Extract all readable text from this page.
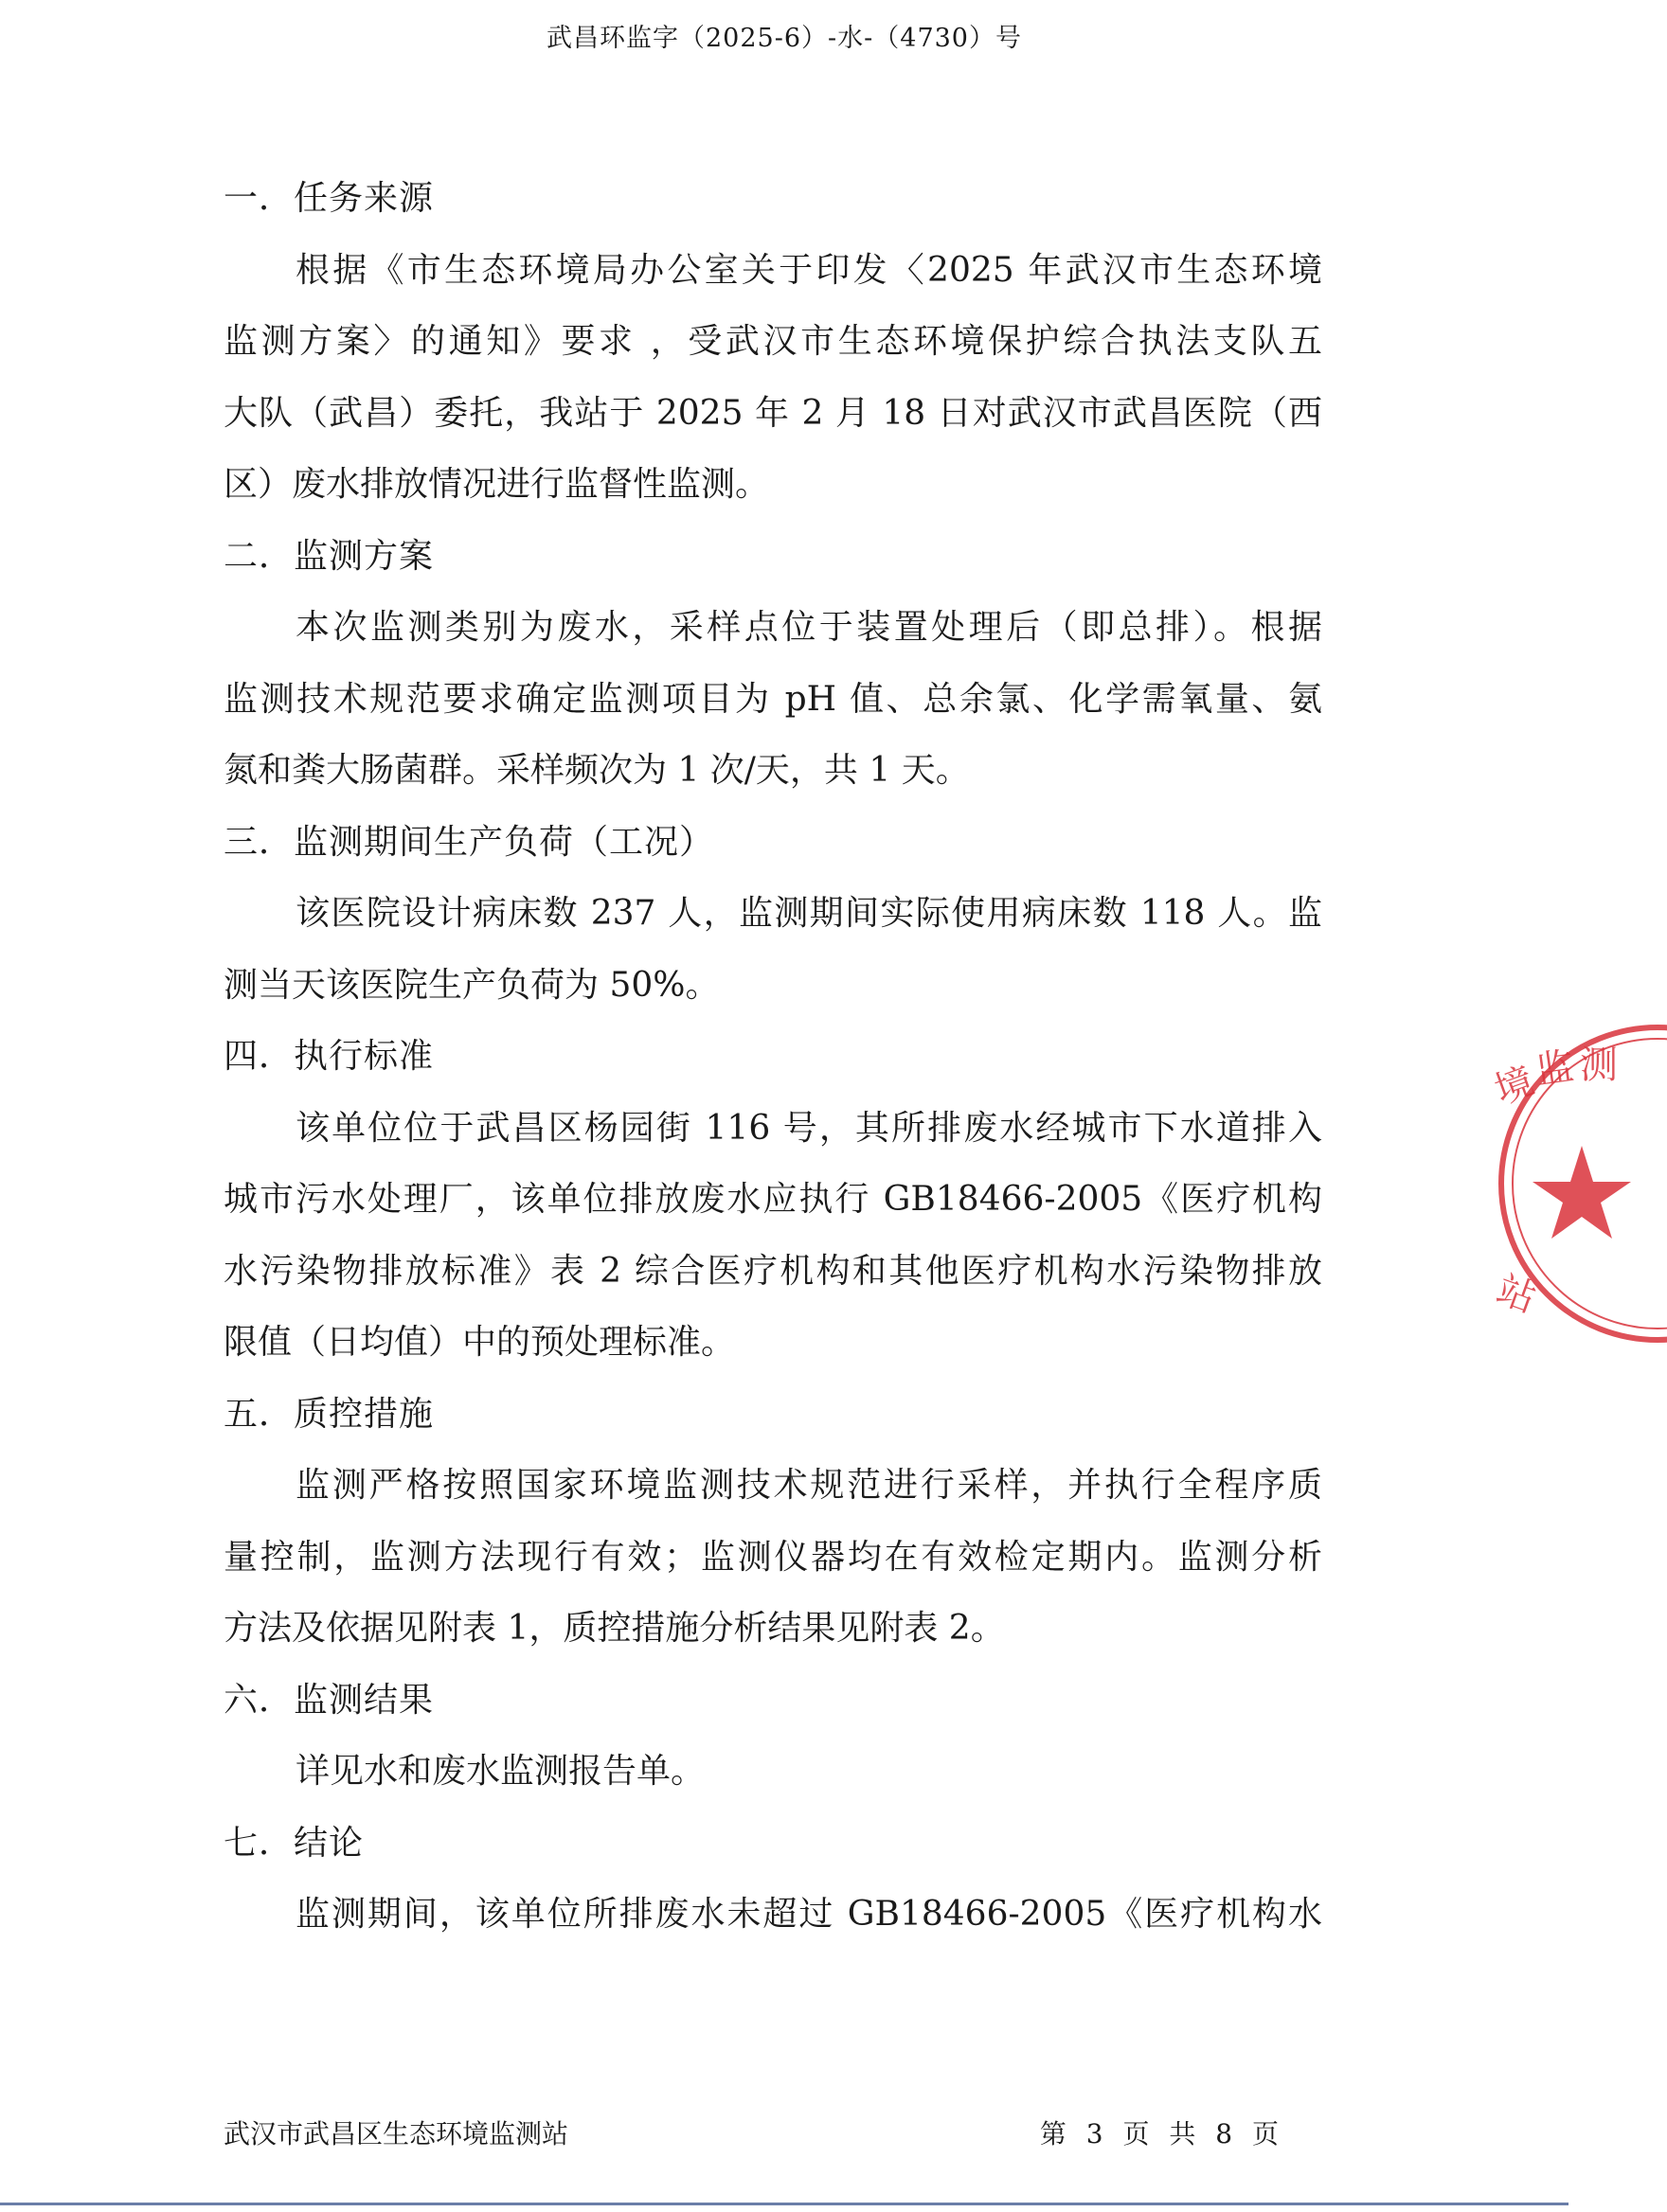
武昌环监字（2025-6）-水-（4730）号
一．任务来源
根据《市生态环境局办公室关于印发〈2025 年武汉市生态环境
监测方案〉的通知》要求 ，受武汉市生态环境保护综合执法支队五
大队（武昌）委托，我站于 2025 年 2 月 18 日对武汉市武昌医院（西
区）废水排放情况进行监督性监测。
二．监测方案
本次监测类别为废水，采样点位于装置处理后（即总排）。根据
监测技术规范要求确定监测项目为 pH 值、总余氯、化学需氧量、氨
氮和粪大肠菌群。采样频次为 1 次/天，共 1 天。
三．监测期间生产负荷（工况）
该医院设计病床数 237 人，监测期间实际使用病床数 118 人。监
测当天该医院生产负荷为 50%。
四．执行标准
该单位位于武昌区杨园街 116 号，其所排废水经城市下水道排入
城市污水处理厂，该单位排放废水应执行 GB18466-2005《医疗机构
水污染物排放标准》表 2 综合医疗机构和其他医疗机构水污染物排放
限值（日均值）中的预处理标准。
五．质控措施
监测严格按照国家环境监测技术规范进行采样，并执行全程序质
量控制，监测方法现行有效；监测仪器均在有效检定期内。监测分析
方法及依据见附表 1，质控措施分析结果见附表 2。
六．监测结果
详见水和废水监测报告单。
七．结论
监测期间，该单位所排废水未超过 GB18466-2005《医疗机构水
境
监 测
站
武汉市武昌区生态环境监测站	第 3 页 共 8 页
